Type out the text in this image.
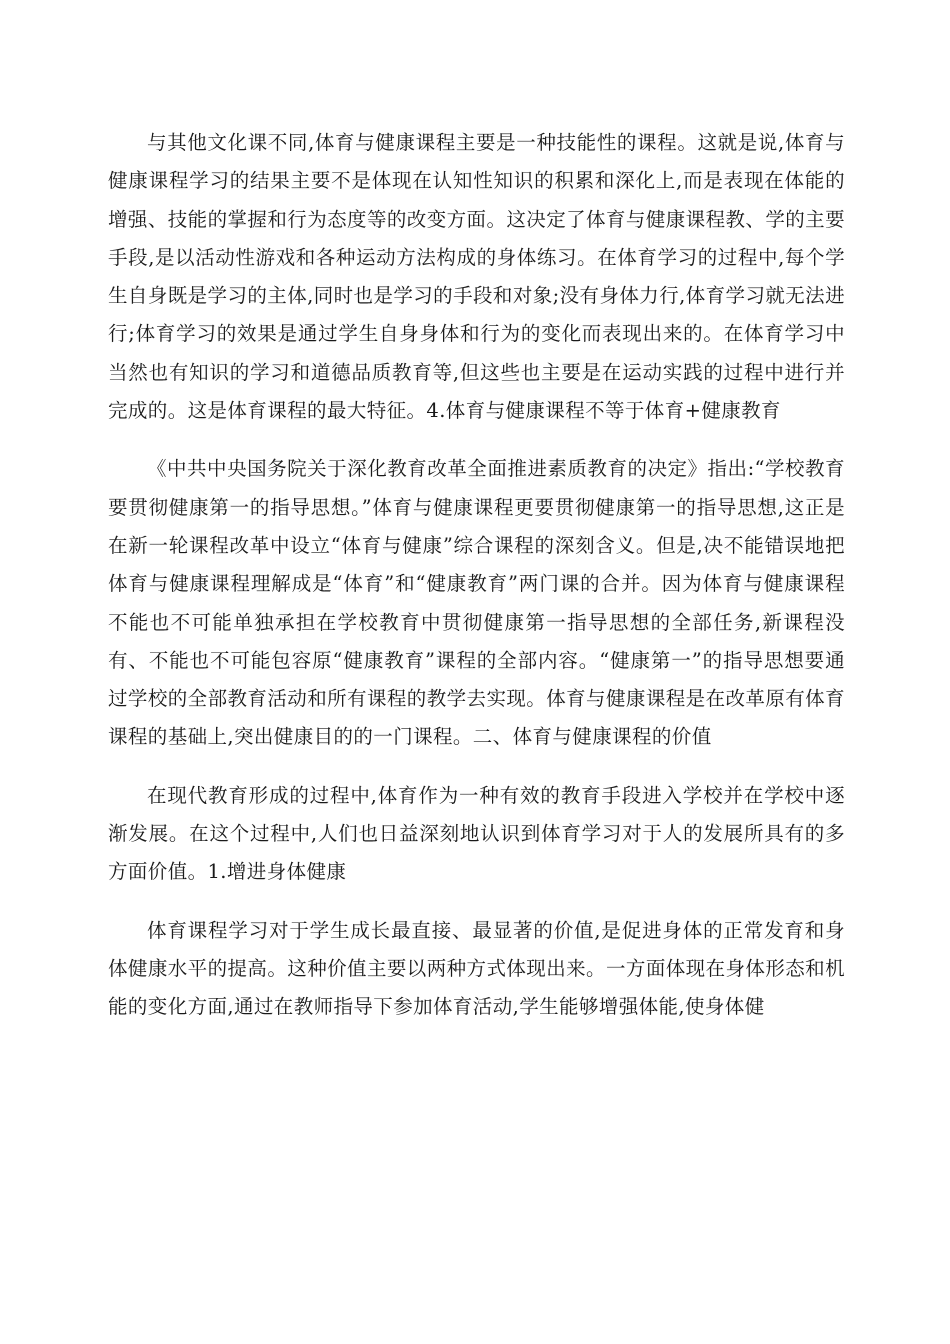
与其他文化课不同,体育与健康课程主要是一种技能性的课程。这就是说,体育与健康课程学习的结果主要不是体现在认知性知识的积累和深化上,而是表现在体能的增强、技能的掌握和行为态度等的改变方面。这决定了体育与健康课程教、学的主要手段,是以活动性游戏和各种运动方法构成的身体练习。在体育学习的过程中,每个学生自身既是学习的主体,同时也是学习的手段和对象;没有身体力行,体育学习就无法进行;体育学习的效果是通过学生自身身体和行为的变化而表现出来的。在体育学习中当然也有知识的学习和道德品质教育等,但这些也主要是在运动实践的过程中进行并完成的。这是体育课程的最大特征。4.体育与健康课程不等于体育+健康教育

《中共中央国务院关于深化教育改革全面推进素质教育的决定》指出:“学校教育要贯彻健康第一的指导思想。”体育与健康课程更要贯彻健康第一的指导思想,这正是在新一轮课程改革中设立“体育与健康”综合课程的深刻含义。但是,决不能错误地把体育与健康课程理解成是“体育”和“健康教育”两门课的合并。因为体育与健康课程不能也不可能单独承担在学校教育中贯彻健康第一指导思想的全部任务,新课程没有、不能也不可能包容原“健康教育”课程的全部内容。“健康第一”的指导思想要通过学校的全部教育活动和所有课程的教学去实现。体育与健康课程是在改革原有体育课程的基础上,突出健康目的的一门课程。二、体育与健康课程的价值

在现代教育形成的过程中,体育作为一种有效的教育手段进入学校并在学校中逐渐发展。在这个过程中,人们也日益深刻地认识到体育学习对于人的发展所具有的多方面价值。1.增进身体健康

体育课程学习对于学生成长最直接、最显著的价值,是促进身体的正常发育和身体健康水平的提高。这种价值主要以两种方式体现出来。一方面体现在身体形态和机能的变化方面,通过在教师指导下参加体育活动,学生能够增强体能,使身体健
